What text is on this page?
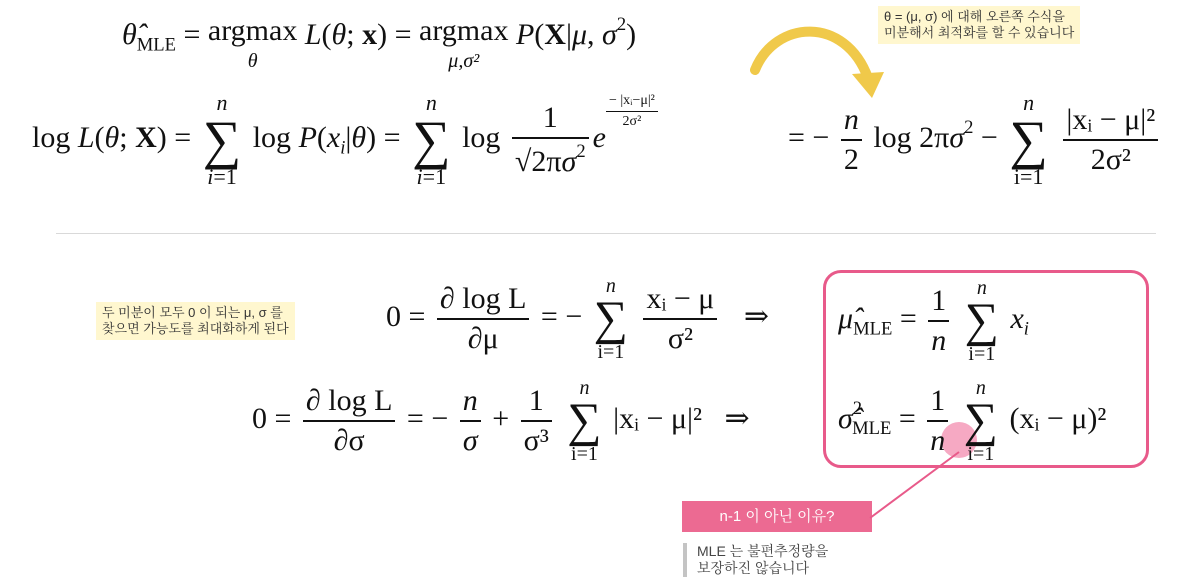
$\thetâ_{MLE} = argmax$
θ
L(θ; x) = argmax
μ,σ²
P(X|μ, $\sigma^2$)
θ = (μ, σ) 에 대해 오른쪽 수식을
미분해서 최적화를 할 수 있습니다
log L(θ; X) =
n
∑
i=1
$\log P(x_i|\theta)$ =
n
∑
i=1
$\log \frac{1}{√2\pi\sigma^2}$ e
$\frac{\text{− |xᵢ−μ|²}}{\text{2σ²}}$
= − $\frac{n}{2}$ $\log 2\pi\sigma^2$ −
n
∑
i=1
$\frac{\text{|xᵢ − μ|²}}{\text{2σ²}}$
두 미분이 모두 0 이 되는 μ, σ 를
찾으면 가능도를 최대화하게 된다	$0 = \frac{\text{∂ log L}}{\partial\mu}$ = −
n
∑
i=1
$\frac{\text{xᵢ − μ}}{\text{σ²}}$ ⇒
$0 = \frac{\text{∂ log L}}{\partial\sigma}$ = − $\frac{n}{\sigma} + \frac{1}{\text{σ³}}$
	n
∑
i=1
|xᵢ − μ|² ⇒
$\mû_{MLE} = \frac{1}{n}$
	n
∑
i=1
$x_i$
σ̂$^2_{MLE}$ = $\frac{1}{n}$
	n
∑
i=1
(xᵢ − μ)²
n-1 이 아닌 이유?
MLE 는 불편추정량을
보장하진 않습니다
